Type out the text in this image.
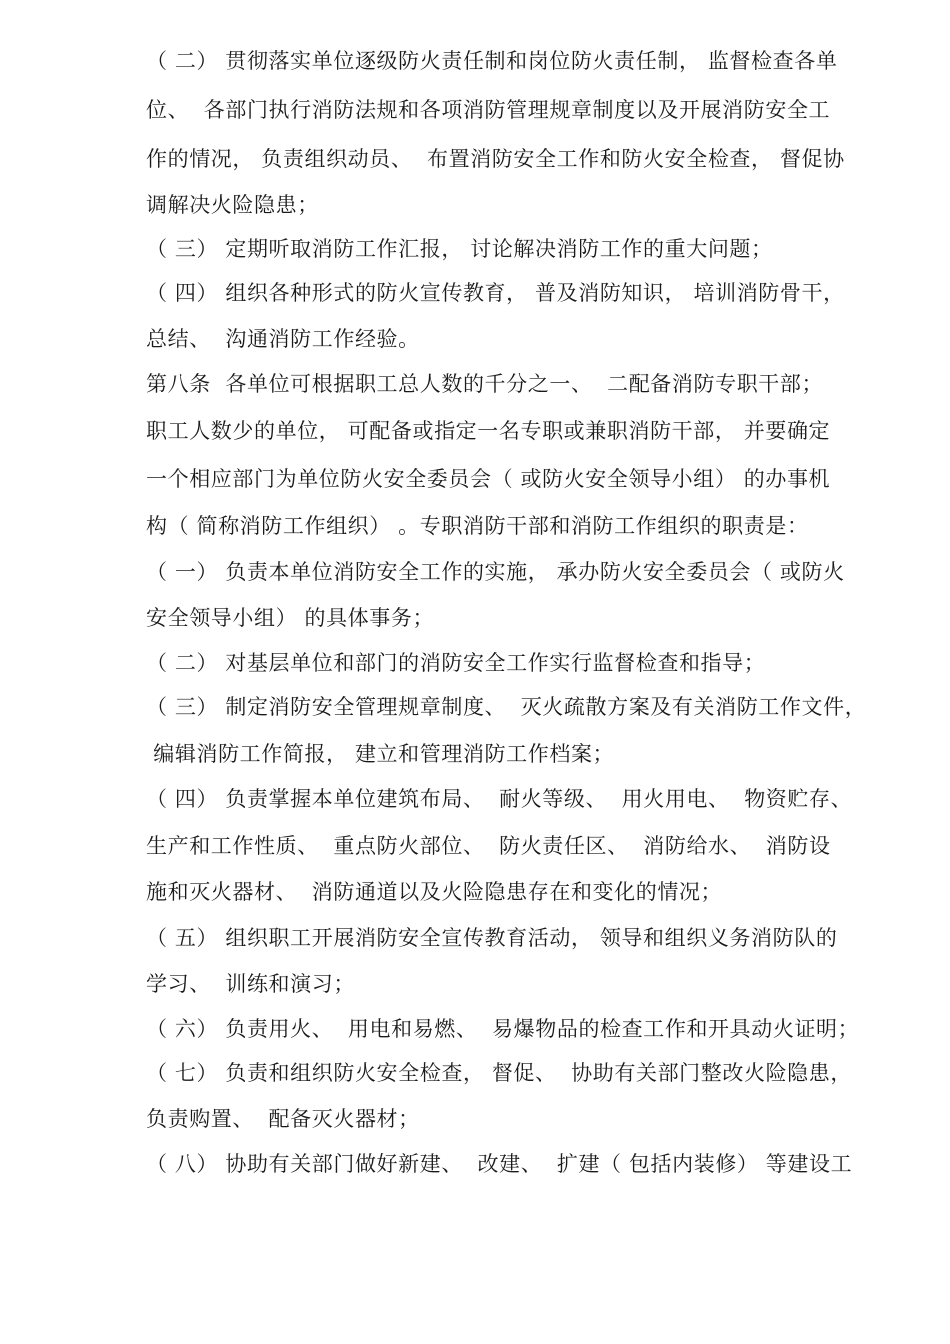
（ 二） 贯彻落实单位逐级防火责任制和岗位防火责任制， 监督检查各单
位、  各部门执行消防法规和各项消防管理规章制度以及开展消防安全工
作的情况， 负责组织动员、  布置消防安全工作和防火安全检查， 督促协
调解决火险隐患；
（ 三） 定期听取消防工作汇报， 讨论解决消防工作的重大问题；
（ 四） 组织各种形式的防火宣传教育， 普及消防知识， 培训消防骨干，
总结、  沟通消防工作经验。
第八条  各单位可根据职工总人数的千分之一、  二配备消防专职干部；
职工人数少的单位， 可配备或指定一名专职或兼职消防干部， 并要确定
一个相应部门为单位防火安全委员会（ 或防火安全领导小组） 的办事机
构（ 简称消防工作组织） 。专职消防干部和消防工作组织的职责是：
（ 一） 负责本单位消防安全工作的实施， 承办防火安全委员会（ 或防火
安全领导小组） 的具体事务；
（ 二） 对基层单位和部门的消防安全工作实行监督检查和指导；
（ 三） 制定消防安全管理规章制度、  灭火疏散方案及有关消防工作文件，
编辑消防工作简报， 建立和管理消防工作档案；
（ 四） 负责掌握本单位建筑布局、  耐火等级、  用火用电、  物资贮存、
生产和工作性质、  重点防火部位、  防火责任区、  消防给水、  消防设
施和灭火器材、  消防通道以及火险隐患存在和变化的情况；
（ 五） 组织职工开展消防安全宣传教育活动， 领导和组织义务消防队的
学习、  训练和演习；
（ 六） 负责用火、  用电和易燃、  易爆物品的检查工作和开具动火证明；
（ 七） 负责和组织防火安全检查， 督促、  协助有关部门整改火险隐患，
负责购置、  配备灭火器材；
（ 八） 协助有关部门做好新建、  改建、  扩建（ 包括内装修） 等建设工
